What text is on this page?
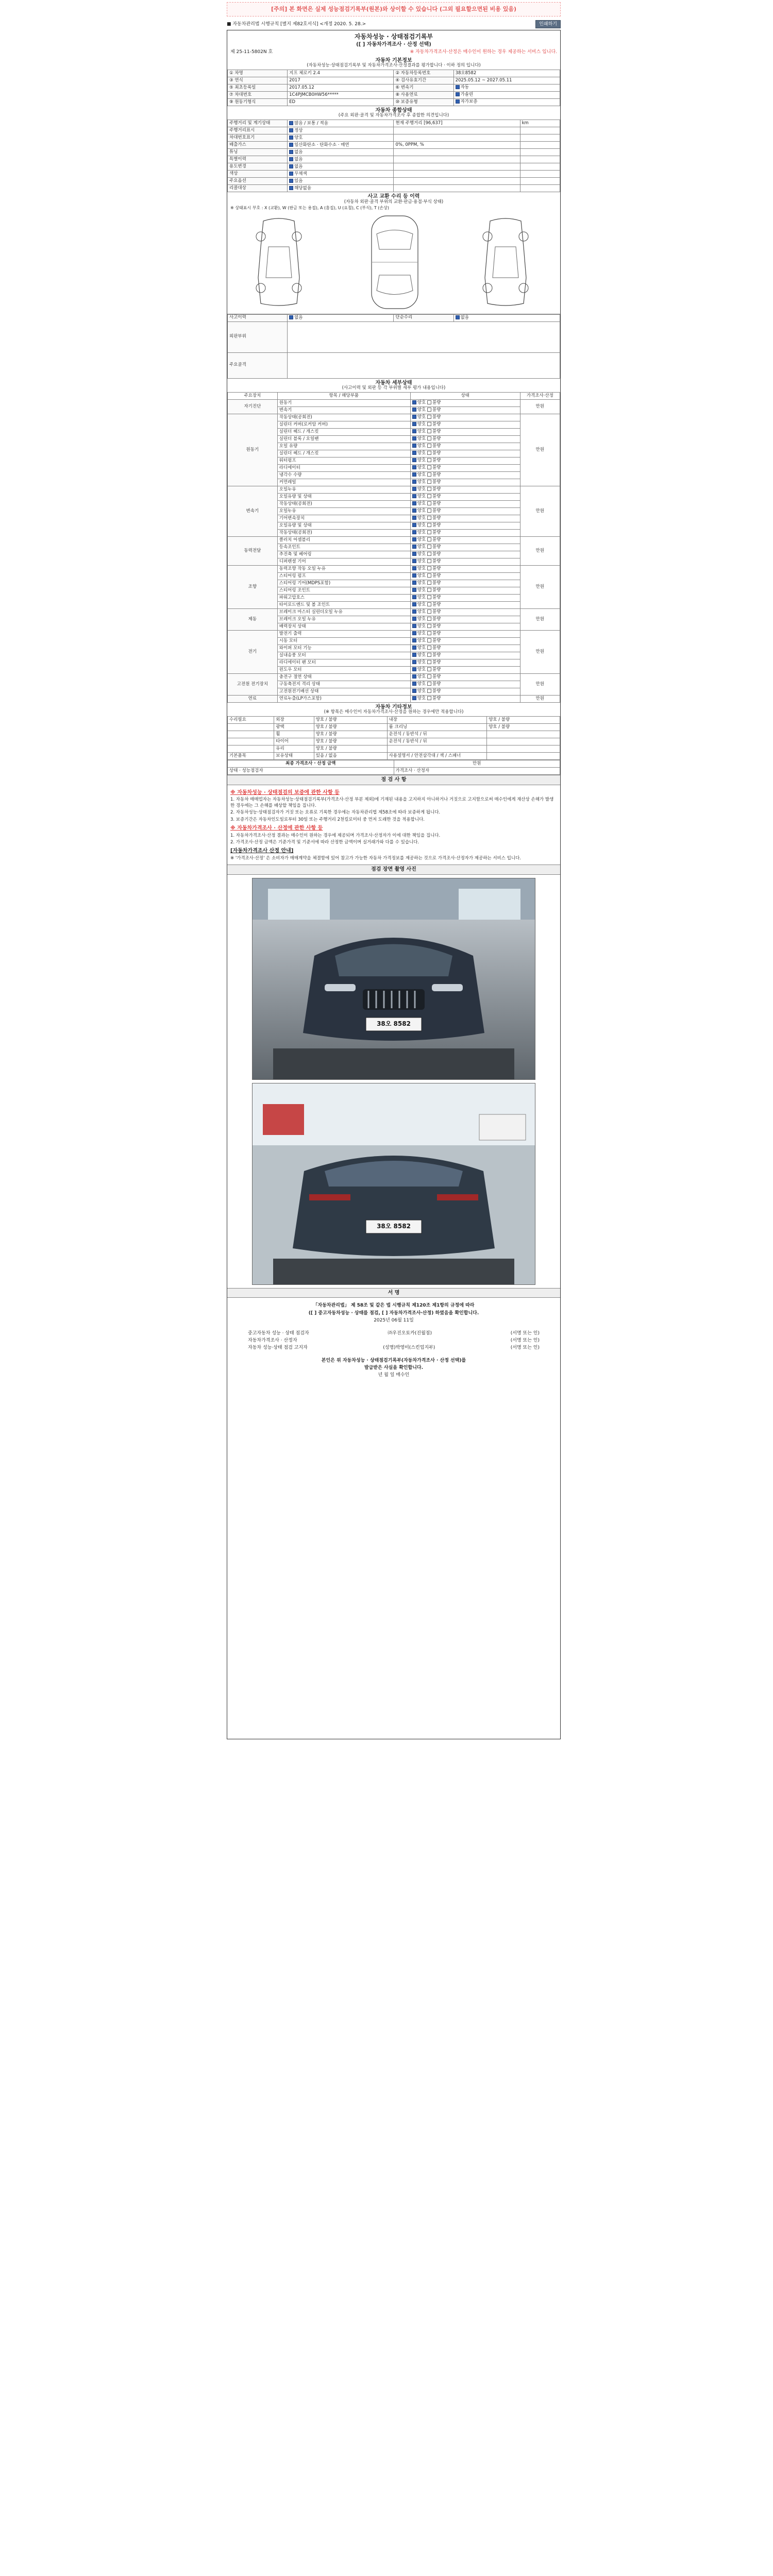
[주의] 본 화면은 실제 성능점검기록부(원본)와 상이할 수 있습니다 (그외 필요할으면된 비용 있음)
■ 자동차관리법 시행규칙 [별지 제82호서식] <개정 2020. 5. 28.>	인쇄하기
자동차성능 · 상태점검기록부
([ ] 자동차가격조사 · 산정 선택)
제 25-11-5802N 호	※ 자동차가격조사·산정은 매수인이 원하는 경우 제공하는 서비스 입니다.
자동차 기본정보
(자동차성능·상태점검기록부 및 자동차가격조사·산정결과를 평가합니다 · 이하 정의 입니다)
① 차명	지프 체로키 2.4	② 자동차등록번호	38오8582
③ 연식	2017	④ 검사유효기간	2025.05.12 ~ 2027.05.11
⑤ 최초등록일	2017.05.12	⑥ 변속기	자동
⑦ 차대번호	1C4PJMCB0HW56*****	⑧ 사용연료	가솔린
⑨ 원동기형식	ED	⑩ 보증유형	자가보증
자동차 종합상태
(주요 외판·골격 및 자동차가격조사 후 종합한 의견입니다)
주행거리 및 계기상태	많음 / 보통 / 적음	현재 주행거리 [96,637]	km
주행거리표시	정상		
차대번호표기	양호		
배출가스	일산화탄소 · 탄화수소 · 매연	0%, 0PPM, %	
튜닝	없음		
특별이력	없음		
용도변경	없음		
색상	무채색		
주요옵션	있음		
리콜대상	해당없음		
사고 교환 수리 등 이력
(자동차 외판·골격 부위의 교환·판금·용접·부식 상태)
※ 상태표시 부호 : X (교환), W (판금 또는 용접), A (흠집), U (요철), C (부식), T (손상)
사고이력	없음	단순수리	없음
외판부위			
주요골격			
자동차 세부상태
(사고이력 및 외판 등 각 부위별 세부 평가 내용입니다)
주요장치	항목 / 해당부품	상태	가격조사·산정
자기진단	원동기	양호 불량	만원
	변속기	양호 불량	
원동기	작동상태(공회전)	양호 불량	만원
	실린더 커버(로커암 커버)	양호 불량	
	실린더 헤드 / 개스킷	양호 불량	
	실린더 블록 / 오일팬	양호 불량	
	오일 유량	양호 불량	
	실린더 헤드 / 개스킷	양호 불량	
	워터펌프	양호 불량	
	라디에이터	양호 불량	
	냉각수 수량	양호 불량	
	커먼레일	양호 불량	
변속기	오일누유	양호 불량	만원
	오일유량 및 상태	양호 불량	
	작동상태(공회전)	양호 불량	
	오일누유	양호 불량	
	기어변속장치	양호 불량	
	오일유량 및 상태	양호 불량	
	작동상태(공회전)	양호 불량	
동력전달	클러치 어셈블리	양호 불량	만원
	등속조인트	양호 불량	
	추진축 및 베어링	양호 불량	
	디퍼렌셜 기어	양호 불량	
조향	동력조향 작동 오일 누유	양호 불량	만원
	스티어링 펌프	양호 불량	
	스티어링 기어(MDPS포함)	양호 불량	
	스티어링 조인트	양호 불량	
	파워고압호스	양호 불량	
	타이로드엔드 및 볼 조인트	양호 불량	
제동	브레이크 마스터 실린더오일 누유	양호 불량	만원
	브레이크 오일 누유	양호 불량	
	배력장치 상태	양호 불량	
전기	발전기 출력	양호 불량	만원
	시동 모터	양호 불량	
	와이퍼 모터 기능	양호 불량	
	실내송풍 모터	양호 불량	
	라디에이터 팬 모터	양호 불량	
	윈도우 모터	양호 불량	
고전원 전기장치	충전구 절연 상태	양호 불량	만원
	구동축전지 격리 상태	양호 불량	
	고전원전기배선 상태	양호 불량	
연료	연료누출(LP가스포함)	양호 불량	만원
자동차 기타정보
(※ 항목은 매수인이 자동차가격조사·산정을 원하는 경우에만 적용합니다)
수리필요	외장	양호 / 불량	내장	양호 / 불량
	광택	양호 / 불량	룸 크리닝	양호 / 불량
	휠	양호 / 불량	운전석 / 동반석 / 뒤	
	타이어	양호 / 불량	운전석 / 동반석 / 뒤	
	유리	양호 / 불량		
기본품목	보유상태	있음 / 없음	사용설명서 / 안전삼각대 / 잭 / 스패너	
최종 가격조사 · 산정 금액	만원
상태 · 성능점검자	가격조사 · 산정자
점 검 사 항
※ 자동차성능 · 상태점검의 보증에 관한 사항 등

1. 자동차 매매업자는 자동차성능·상태점검기록부(가격조사·산정 부분 제외)에 기재된 내용을 고지하지 아니하거나 거짓으로 고지함으로써 매수인에게 재산상 손해가 발생한 경우에는 그 손해를 배상할 책임을 집니다.

2. 자동차성능·상태점검자가 거짓 또는 오류로 기록한 경우에는 자동차관리법 제58조에 따라 보증하게 됩니다.

3. 보증기간은 자동차인도일로부터 30일 또는 주행거리 2천킬로미터 중 먼저 도래한 것을 적용합니다.

※ 자동차가격조사 · 산정에 관한 사항 등

1. 자동차가격조사·산정 결과는 매수인이 원하는 경우에 제공되며 가격조사·산정자가 이에 대한 책임을 집니다.

2. 가격조사·산정 금액은 기준가격 및 기준서에 따라 산정한 금액이며 실거래가와 다를 수 있습니다.

[자동차가격조사 산정 안내]

※ '가격조사·산정' 은 소비자가 매매계약을 체결함에 있어 참고가 가능한 자동차 가격정보를 제공하는 것으로 가격조사·산정자가 제공하는 서비스 입니다.

점검 장면 촬영 사진
38오 8582
38오 8582
서 명
「자동차관리법」 제 58조 및 같은 법 시행규칙 제120조 제1항의 규정에 따라
([ ] 중고자동차성능 · 상태를 점검, [ ] 자동차가격조사·산정) 하였음을 확인합니다.
2025년 06월 11일
중고자동차 성능 · 상태 점검자	㈜우진오토카(진월점)	(서명 또는 인)
자동차가격조사 · 산정자	(서명 또는 인)
자동차 성능·상태 점검 고지자	(성명)박영미(스킨업지부)	(서명 또는 인)
본인은 위 자동차성능 · 상태점검기록부(자동차가격조사 · 산정 선택)를
발급받은 사실을 확인합니다.
년 월 일 매수인
